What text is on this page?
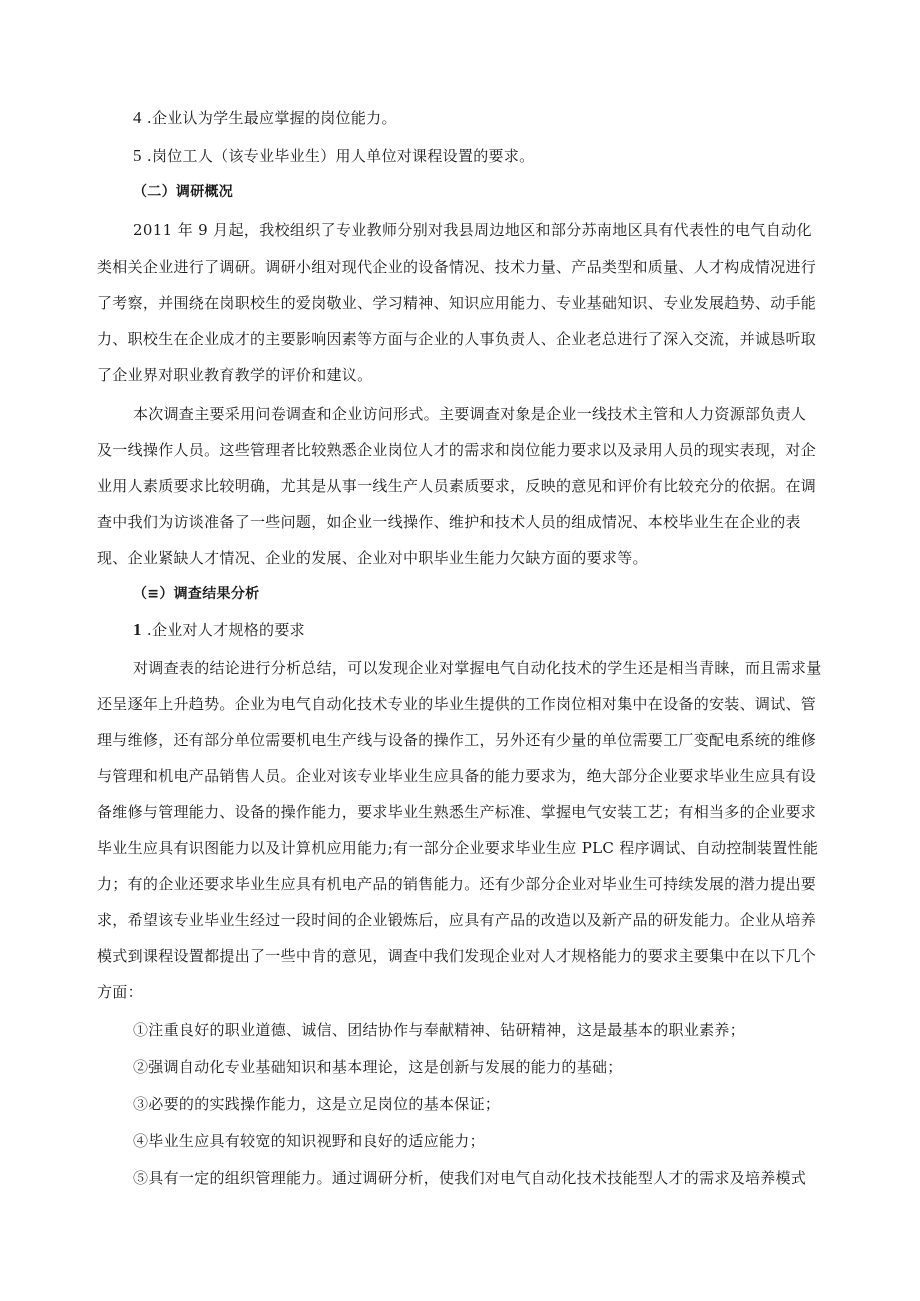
4 .企业认为学生最应掌握的岗位能力。
5 .岗位工人（该专业毕业生）用人单位对课程设置的要求。
（二）调研概况
2011 年 9 月起，我校组织了专业教师分别对我县周边地区和部分苏南地区具有代表性的电气自动化
类相关企业进行了调研。调研小组对现代企业的设备情况、技术力量、产品类型和质量、人才构成情况进行
了考察，并围绕在岗职校生的爱岗敬业、学习精神、知识应用能力、专业基础知识、专业发展趋势、动手能
力、职校生在企业成才的主要影响因素等方面与企业的人事负责人、企业老总进行了深入交流，并诚恳听取
了企业界对职业教育教学的评价和建议。
本次调查主要采用问卷调查和企业访问形式。主要调查对象是企业一线技术主管和人力资源部负责人
及一线操作人员。这些管理者比较熟悉企业岗位人才的需求和岗位能力要求以及录用人员的现实表现，对企
业用人素质要求比较明确，尤其是从事一线生产人员素质要求，反映的意见和评价有比较充分的依据。在调
查中我们为访谈准备了一些问题，如企业一线操作、维护和技术人员的组成情况、本校毕业生在企业的表
现、企业紧缺人才情况、企业的发展、企业对中职毕业生能力欠缺方面的要求等。
（≡）调查结果分析
1 .企业对人才规格的要求
对调查表的结论进行分析总结，可以发现企业对掌握电气自动化技术的学生还是相当青睐，而且需求量
还呈逐年上升趋势。企业为电气自动化技术专业的毕业生提供的工作岗位相对集中在设备的安装、调试、管
理与维修，还有部分单位需要机电生产线与设备的操作工，另外还有少量的单位需要工厂变配电系统的维修
与管理和机电产品销售人员。企业对该专业毕业生应具备的能力要求为，绝大部分企业要求毕业生应具有设
备维修与管理能力、设备的操作能力，要求毕业生熟悉生产标准、掌握电气安装工艺；有相当多的企业要求
毕业生应具有识图能力以及计算机应用能力;有一部分企业要求毕业生应 PLC 程序调试、自动控制装置性能
力；有的企业还要求毕业生应具有机电产品的销售能力。还有少部分企业对毕业生可持续发展的潜力提出要
求，希望该专业毕业生经过一段时间的企业锻炼后，应具有产品的改造以及新产品的研发能力。企业从培养
模式到课程设置都提出了一些中肯的意见，调查中我们发现企业对人才规格能力的要求主要集中在以下几个
方面：
①注重良好的职业道德、诚信、团结协作与奉献精神、钻研精神，这是最基本的职业素养；
②强调自动化专业基础知识和基本理论，这是创新与发展的能力的基础；
③必要的的实践操作能力，这是立足岗位的基本保证；
④毕业生应具有较宽的知识视野和良好的适应能力；
⑤具有一定的组织管理能力。通过调研分析，使我们对电气自动化技术技能型人才的需求及培养模式
